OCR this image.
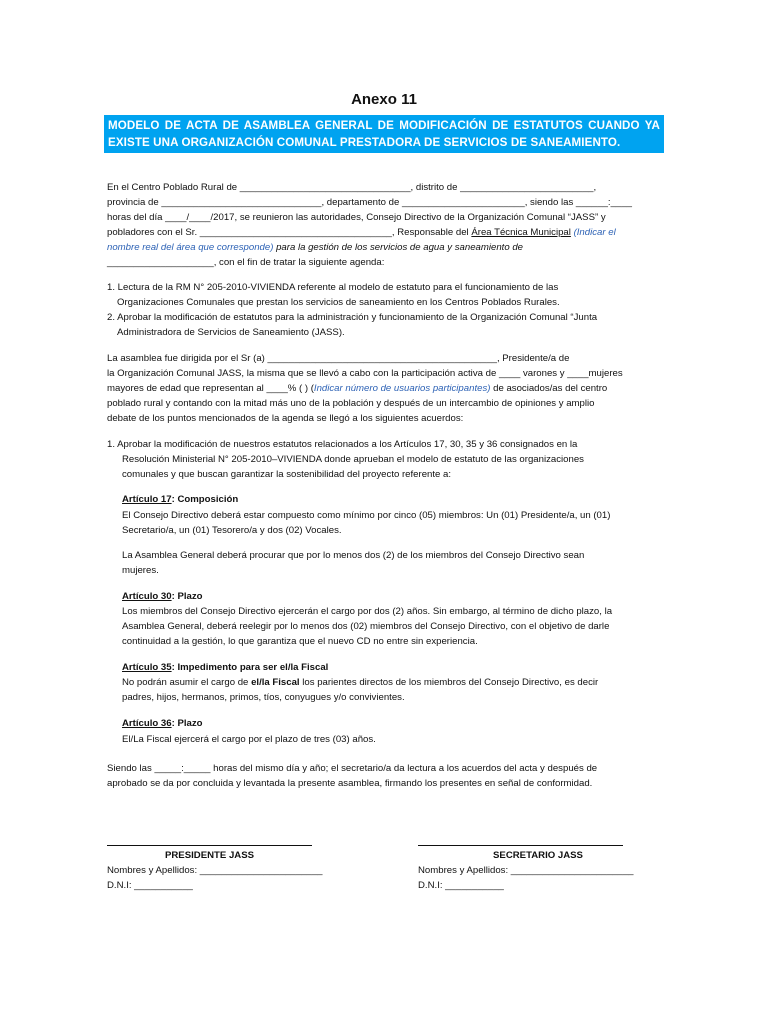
Anexo 11
MODELO DE ACTA DE ASAMBLEA GENERAL DE MODIFICACIÓN DE ESTATUTOS CUANDO YA EXISTE UNA ORGANIZACIÓN COMUNAL PRESTADORA DE SERVICIOS DE SANEAMIENTO.
En el Centro Poblado Rural de ________________________________, distrito de _________________________,
provincia de ______________________________, departamento de _______________________, siendo las ______:____
horas del día ____/____/2017, se reunieron las autoridades, Consejo Directivo de la Organización Comunal “JASS” y
pobladores con el Sr. ____________________________________, Responsable del Área Técnica Municipal (Indicar el
nombre real del área que corresponde) para la gestión de los servicios de agua y saneamiento de
____________________, con el fin de tratar la siguiente agenda:
1. Lectura de la RM N° 205-2010-VIVIENDA referente al modelo de estatuto para el funcionamiento de las
Organizaciones Comunales que prestan los servicios de saneamiento en los Centros Poblados Rurales.
2. Aprobar la modificación de estatutos para la administración y funcionamiento de la Organización Comunal “Junta
Administradora de Servicios de Saneamiento (JASS).
La asamblea fue dirigida por el Sr (a) ___________________________________________, Presidente/a de
la Organización Comunal JASS, la misma que se llevó a cabo con la participación activa de ____ varones y ____mujeres
mayores de edad que representan al ____% ( ) (Indicar número de usuarios participantes) de asociados/as del centro
poblado rural y contando con la mitad más uno de la población y después de un intercambio de opiniones y amplio
debate de los puntos mencionados de la agenda se llegó a los siguientes acuerdos:
1. Aprobar la modificación de nuestros estatutos relacionados a los Artículos 17, 30, 35 y 36 consignados en la
Resolución Ministerial N° 205-2010–VIVIENDA donde aprueban el modelo de estatuto de las organizaciones
comunales y que buscan garantizar la sostenibilidad del proyecto referente a:
Artículo 17: Composición
El Consejo Directivo deberá estar compuesto como mínimo por cinco (05) miembros: Un (01) Presidente/a, un (01)
Secretario/a, un (01) Tesorero/a y dos (02) Vocales.
La Asamblea General deberá procurar que por lo menos dos (2) de los miembros del Consejo Directivo sean
mujeres.
Artículo 30: Plazo
Los miembros del Consejo Directivo ejercerán el cargo por dos (2) años. Sin embargo, al término de dicho plazo, la
Asamblea General, deberá reelegir por lo menos dos (02) miembros del Consejo Directivo, con el objetivo de darle
continuidad a la gestión, lo que garantiza que el nuevo CD no entre sin experiencia.
Artículo 35: Impedimento para ser el/la Fiscal
No podrán asumir el cargo de el/la Fiscal los parientes directos de los miembros del Consejo Directivo, es decir
padres, hijos, hermanos, primos, tíos, conyugues y/o convivientes.
Artículo 36: Plazo
El/La Fiscal ejercerá el cargo por el plazo de tres (03) años.
Siendo las _____:_____ horas del mismo día y año; el secretario/a da lectura a los acuerdos del acta y después de
aprobado se da por concluida y levantada la presente asamblea, firmando los presentes en señal de conformidad.
PRESIDENTE JASS
Nombres y Apellidos: _______________________
D.N.I: ___________
SECRETARIO JASS
Nombres y Apellidos: _______________________
D.N.I: ___________
